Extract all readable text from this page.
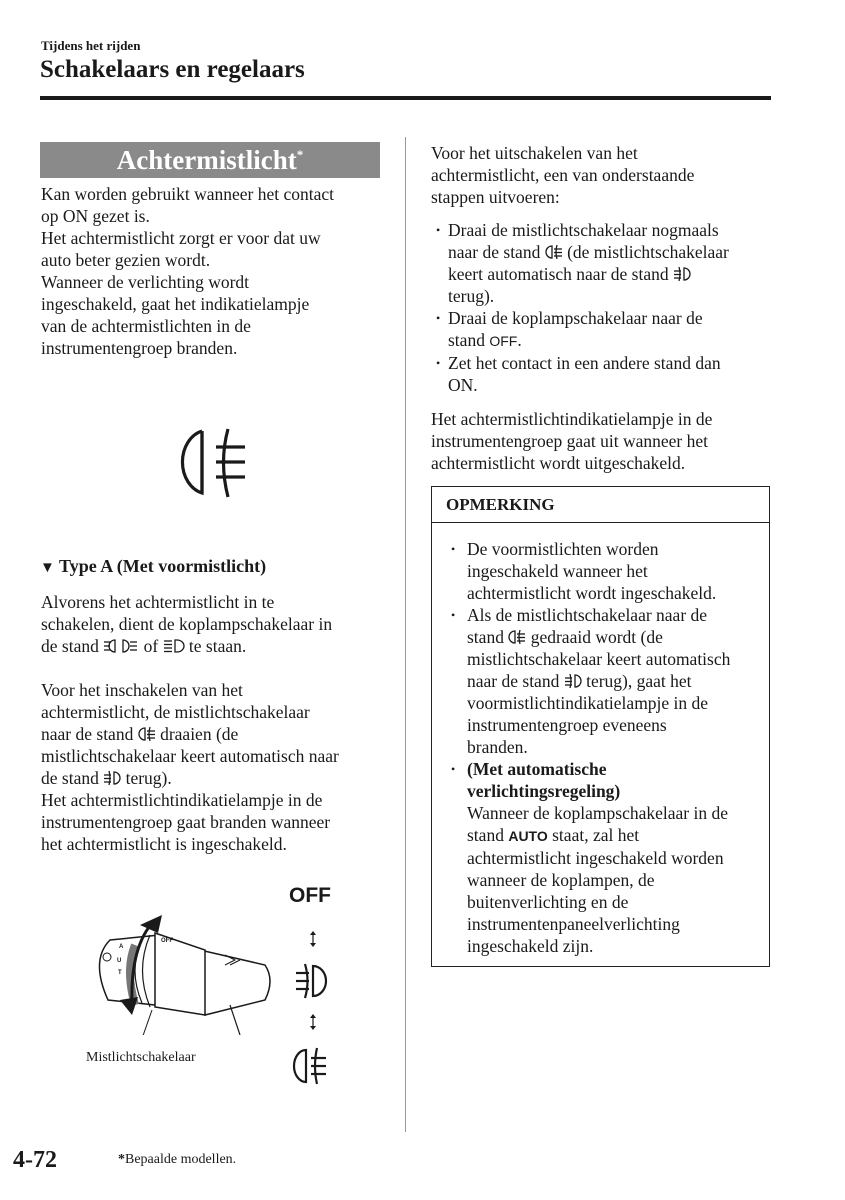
Tijdens het rijden
Schakelaars en regelaars
Achtermistlicht*

Kan worden gebruikt wanneer het contact

op ON gezet is.

Het achtermistlicht zorgt er voor dat uw

auto beter gezien wordt.

Wanneer de verlichting wordt

ingeschakeld, gaat het indikatielampje

van de achtermistlichten in de

instrumentengroep branden.

▼ Type A (Met voormistlicht)

Alvorens het achtermistlicht in te

schakelen, dient de koplampschakelaar in

de stand	of te staan.

Voor het inschakelen van het

achtermistlicht, de mistlichtschakelaar

naar de stand draaien (de

mistlichtschakelaar keert automatisch naar

de stand terug).

Het achtermistlichtindikatielampje in de

instrumentengroep gaat branden wanneer

het achtermistlicht is ingeschakeld.

OFF
A
U
T
Mistlichtschakelaar
OFF

Voor het uitschakelen van het

achtermistlicht, een van onderstaande

stappen uitvoeren:

• Draai de mistlichtschakelaar nogmaals
naar de stand (de mistlichtschakelaar
keert automatisch naar de stand
terug).
• Draai de koplampschakelaar naar de
stand OFF.
• Zet het contact in een andere stand dan
ON.

Het achtermistlichtindikatielampje in de

instrumentengroep gaat uit wanneer het

achtermistlicht wordt uitgeschakeld.

OPMERKING
• De voormistlichten worden
ingeschakeld wanneer het
achtermistlicht wordt ingeschakeld.
• Als de mistlichtschakelaar naar de
stand gedraaid wordt (de
mistlichtschakelaar keert automatisch
naar de stand terug), gaat het
voormistlichtindikatielampje in de
instrumentengroep eveneens
branden.
• (Met automatische
verlichtingsregeling)
Wanneer de koplampschakelaar in de
stand AUTO staat, zal het
achtermistlicht ingeschakeld worden
wanneer de koplampen, de
buitenverlichting en de
instrumentenpaneelverlichting
ingeschakeld zijn.
4-72	*Bepaalde modellen.
